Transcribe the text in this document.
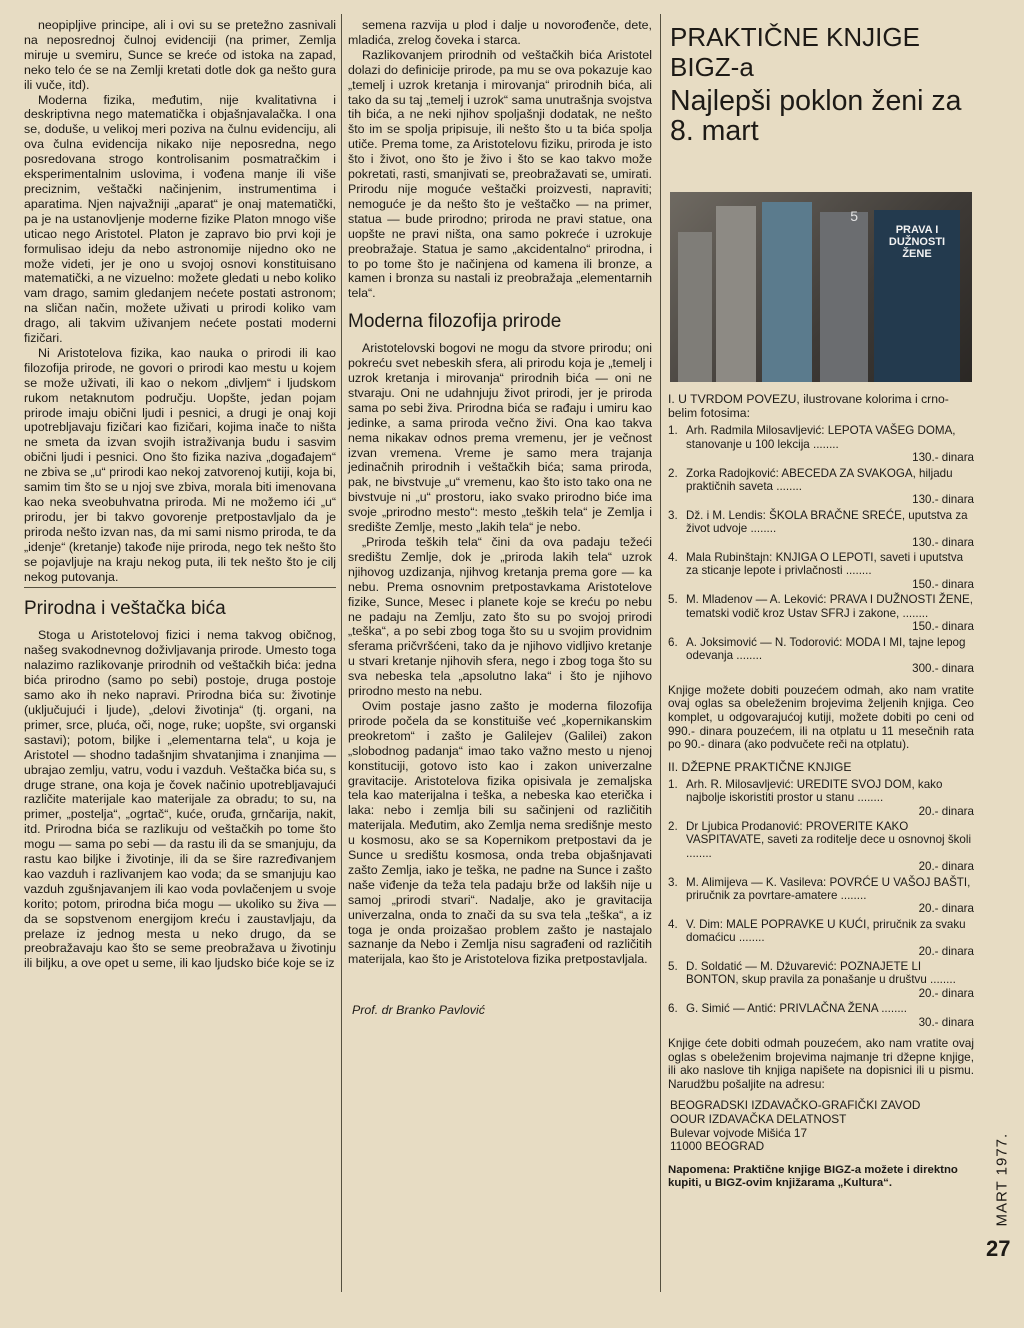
neopipljive principe, ali i ovi su se pretežno zasnivali na neposrednoj čulnoj evidenciji (na primer, Zemlja miruje u svemiru, Sunce se kreće od istoka na zapad, neko telo će se na Zemlji kretati dotle dok ga nešto gura ili vuče, itd).

Moderna fizika, međutim, nije kvalitativna i deskriptivna nego matematička i objašnjavalačka. I ona se, doduše, u velikoj meri poziva na čulnu evidenciju, ali ova čulna evidencija nikako nije neposredna, nego posredovana strogo kontrolisanim posmatračkim i eksperimentalnim uslovima, i vođena manje ili više preciznim, veštački načinjenim, instrumentima i aparatima. Njen najvažniji „aparat“ je onaj matematički, pa je na ustanovljenje moderne fizike Platon mnogo više uticao nego Aristotel. Platon je zapravo bio prvi koji je formulisao ideju da nebo astronomije nijedno oko ne može videti, jer je ono u svojoj osnovi konstituisano matematički, a ne vizuelno: možete gledati u nebo koliko vam drago, samim gledanjem nećete postati astronom; na sličan način, možete uživati u prirodi koliko vam drago, ali takvim uživanjem nećete postati moderni fizičari.

Ni Aristotelova fizika, kao nauka o prirodi ili kao filozofija prirode, ne govori o prirodi kao mestu u kojem se može uživati, ili kao o nekom „divljem“ i ljudskom rukom netaknutom području. Uopšte, jedan pojam prirode imaju obični ljudi i pesnici, a drugi je onaj koji upotrebljavaju fizičari kao fizičari, kojima inače to ništa ne smeta da izvan svojih istraživanja budu i sasvim obični ljudi i pesnici. Ono što fizika naziva „događajem“ ne zbiva se „u“ prirodi kao nekoj zatvorenoj kutiji, koja bi, samim tim što se u njoj sve zbiva, morala biti imenovana kao neka sveobuhvatna priroda. Mi ne možemo ići „u“ prirodu, jer bi takvo govorenje pretpostavljalo da je priroda nešto izvan nas, da mi sami nismo priroda, te da „idenje“ (kretanje) takođe nije priroda, nego tek nešto što se pojavljuje na kraju nekog puta, ili tek nešto što je cilj nekog putovanja.

Prirodna i veštačka bića

Stoga u Aristotelovoj fizici i nema takvog običnog, našeg svakodnevnog doživljavanja prirode. Umesto toga nalazimo razlikovanje prirodnih od veštačkih bića: jedna bića prirodno (samo po sebi) postoje, druga postoje samo ako ih neko napravi. Prirodna bića su: životinje (uključujući i ljude), „delovi životinja“ (tj. organi, na primer, srce, pluća, oči, noge, ruke; uopšte, svi organski sastavi); potom, biljke i „elementarna tela“, u koja je Aristotel — shodno tadašnjim shvatanjima i znanjima — ubrajao zemlju, vatru, vodu i vazduh. Veštačka bića su, s druge strane, ona koja je čovek načinio upotrebljavajući različite materijale kao materijale za obradu; to su, na primer, „postelja“, „ogrtač“, kuće, oruđa, grnčarija, nakit, itd. Prirodna bića se razlikuju od veštačkih po tome što mogu — sama po sebi — da rastu ili da se smanjuju, da rastu kao biljke i životinje, ili da se šire razređivanjem kao vazduh i razlivanjem kao voda; da se smanjuju kao vazduh zgušnjavanjem ili kao voda povlačenjem u svoje korito; potom, prirodna bića mogu — ukoliko su živa — da se sopstvenom energijom kreću i zaustavljaju, da prelaze iz jednog mesta u neko drugo, da se preobražavaju kao što se seme preobražava u životinju ili biljku, a ove opet u seme, ili kao ljudsko biće koje se iz

semena razvija u plod i dalje u novorođenče, dete, mladića, zrelog čoveka i starca.

Razlikovanjem prirodnih od veštačkih bića Aristotel dolazi do definicije prirode, pa mu se ova pokazuje kao „temelj i uzrok kretanja i mirovanja“ prirodnih bića, ali tako da su taj „temelj i uzrok“ sama unutrašnja svojstva tih bića, a ne neki njihov spoljašnji dodatak, ne nešto što im se spolja pripisuje, ili nešto što u ta bića spolja utiče. Prema tome, za Aristotelovu fiziku, priroda je isto što i život, ono što je živo i što se kao takvo može pokretati, rasti, smanjivati se, preobražavati se, umirati. Prirodu nije moguće veštački proizvesti, napraviti; nemoguće je da nešto što je veštačko — na primer, statua — bude prirodno; priroda ne pravi statue, ona uopšte ne pravi ništa, ona samo pokreće i uzrokuje preobražaje. Statua je samo „akcidentalno“ prirodna, i to po tome što je načinjena od kamena ili bronze, a kamen i bronza su nastali iz preobražaja „elementarnih tela“.

Moderna filozofija prirode

Aristotelovski bogovi ne mogu da stvore prirodu; oni pokreću svet nebeskih sfera, ali prirodu koja je „temelj i uzrok kretanja i mirovanja“ prirodnih bića — oni ne stvaraju. Oni ne udahnjuju život prirodi, jer je priroda sama po sebi živa. Prirodna bića se rađaju i umiru kao jedinke, a sama priroda večno živi. Ona kao takva nema nikakav odnos prema vremenu, jer je večnost izvan vremena. Vreme je samo mera trajanja jedinačnih prirodnih i veštačkih bića; sama priroda, pak, ne bivstvuje „u“ vremenu, kao što isto tako ona ne bivstvuje ni „u“ prostoru, iako svako prirodno biće ima svoje „prirodno mesto“: mesto „teških tela“ je Zemlja i središte Zemlje, mesto „lakih tela“ je nebo.

„Priroda teških tela“ čini da ova padaju težeći središtu Zemlje, dok je „priroda lakih tela“ uzrok njihovog uzdizanja, njihvog kretanja prema gore — ka nebu. Prema osnovnim pretpostavkama Aristotelove fizike, Sunce, Mesec i planete koje se kreću po nebu ne padaju na Zemlju, zato što su po svojoj prirodi „teška“, a po sebi zbog toga što su u svojim providnim sferama pričvršćeni, tako da je njihovo vidljivo kretanje u stvari kretanje njihovih sfera, nego i zbog toga što su sva nebeska tela „apsolutno laka“ i što je njihovo prirodno mesto na nebu.

Ovim postaje jasno zašto je moderna filozofija prirode počela da se konstituiše već „kopernikanskim preokretom“ i zašto je Galilejev (Galilei) zakon „slobodnog padanja“ imao tako važno mesto u njenoj konstituciji, gotovo isto kao i zakon univerzalne gravitacije. Aristotelova fizika opisivala je zemaljska tela kao materijalna i teška, a nebeska kao eterička i laka: nebo i zemlja bili su sačinjeni od različitih materijala. Međutim, ako Zemlja nema središnje mesto u kosmosu, ako se sa Kopernikom pretpostavi da je Sunce u središtu kosmosa, onda treba objašnjavati zašto Zemlja, iako je teška, ne padne na Sunce i zašto naše viđenje da teža tela padaju brže od lakših nije u samoj „prirodi stvari“. Nadalje, ako je gravitacija univerzalna, onda to znači da su sva tela „teška“, a iz toga je onda proizašao problem zašto je nastajalo saznanje da Nebo i Zemlja nisu sagrađeni od različitih materijala, kao što je Aristotelova fizika pretpostavljala.

Prof. dr Branko Pavlović
PRAKTIČNE KNJIGE BIGZ-a
Najlepši poklon ženi za 8. mart
5
PRAVA I DUŽNOSTI ŽENE
I. U TVRDOM POVEZU, ilustrovane kolorima i crno-belim fotosima:
1. Arh. Radmila Milosavljević: LEPOTA VAŠEG DOMA, stanovanje u 100 lekcija ........
130.- dinara
2. Zorka Radojković: ABECEDA ZA SVAKOGA, hiljadu praktičnih saveta ........
130.- dinara
3. Dž. i M. Lendis: ŠKOLA BRAČNE SREĆE, uputstva za život udvoje ........
130.- dinara
4. Mala Rubinštajn: KNJIGA O LEPOTI, saveti i uputstva za sticanje lepote i privlačnosti ........
150.- dinara
5. M. Mladenov — A. Leković: PRAVA I DUŽNOSTI ŽENE, tematski vodič kroz Ustav SFRJ i zakone, ........
150.- dinara
6. A. Joksimović — N. Todorović: MODA I MI, tajne lepog odevanja ........
300.- dinara
Knjige možete dobiti pouzećem odmah, ako nam vratite ovaj oglas sa obeleženim brojevima željenih knjiga. Ceo komplet, u odgovarajućoj kutiji, možete dobiti po ceni od 990.- dinara pouzećem, ili na otplatu u 11 mesečnih rata po 90.- dinara (ako podvučete reči na otplatu).
II. DŽEPNE PRAKTIČNE KNJIGE
1. Arh. R. Milosavljević: UREDITE SVOJ DOM, kako najbolje iskoristiti prostor u stanu ........
20.- dinara
2. Dr Ljubica Prodanović: PROVERITE KAKO VASPITAVATE, saveti za roditelje dece u osnovnoj školi ........
20.- dinara
3. M. Alimijeva — K. Vasileva: POVRĆE U VAŠOJ BAŠTI, priručnik za povrtare-amatere ........
20.- dinara
4. V. Dim: MALE POPRAVKE U KUĆI, priručnik za svaku domaćicu ........
20.- dinara
5. D. Soldatić — M. Džuvarević: POZNAJETE LI BONTON, skup pravila za ponašanje u društvu ........
20.- dinara
6. G. Simić — Antić: PRIVLAČNA ŽENA ........
30.- dinara
Knjige ćete dobiti odmah pouzećem, ako nam vratite ovaj oglas s obeleženim brojevima najmanje tri džepne knjige, ili ako naslove tih knjiga napišete na dopisnici ili u pismu. Narudžbu pošaljite na adresu:
BEOGRADSKI IZDAVAČKO-GRAFIČKI ZAVOD
OOUR IZDAVAČKA DELATNOST
Bulevar vojvode Mišića 17
11000 BEOGRAD
Napomena: Praktične knjige BIGZ-a možete i direktno kupiti, u BIGZ-ovim knjižarama „Kultura“.	MART 1977.
27
